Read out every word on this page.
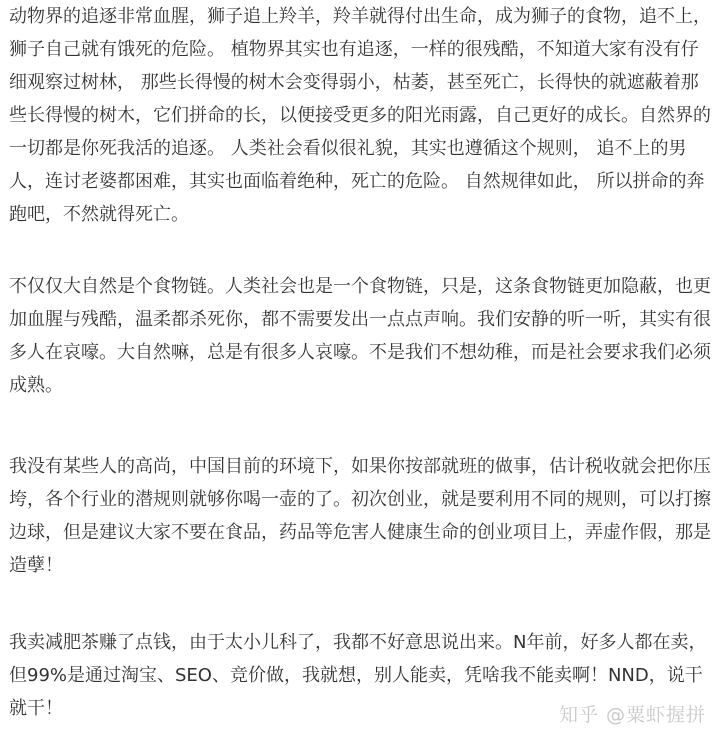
动物界的追逐非常血腥，狮子追上羚羊，羚羊就得付出生命，成为狮子的食物，追不上，狮子自己就有饿死的危险。 植物界其实也有追逐，一样的很残酷，不知道大家有没有仔细观察过树林， 那些长得慢的树木会变得弱小，枯萎，甚至死亡，长得快的就遮蔽着那些长得慢的树木，它们拼命的长，以便接受更多的阳光雨露，自己更好的成长。自然界的一切都是你死我活的追逐。 人类社会看似很礼貌，其实也遵循这个规则， 追不上的男人，连讨老婆都困难，其实也面临着绝种，死亡的危险。 自然规律如此， 所以拼命的奔跑吧，不然就得死亡。

不仅仅大自然是个食物链。人类社会也是一个食物链，只是，这条食物链更加隐蔽，也更加血腥与残酷，温柔都杀死你，都不需要发出一点点声响。我们安静的听一听，其实有很多人在哀嚎。大自然嘛，总是有很多人哀嚎。不是我们不想幼稚，而是社会要求我们必须成熟。

我没有某些人的高尚，中国目前的环境下，如果你按部就班的做事，估计税收就会把你压垮，各个行业的潜规则就够你喝一壶的了。初次创业，就是要利用不同的规则，可以打擦边球，但是建议大家不要在食品，药品等危害人健康生命的创业项目上，弄虚作假，那是造孽！

我卖减肥茶赚了点钱，由于太小儿科了，我都不好意思说出来。N年前，好多人都在卖，但99%是通过淘宝、SEO、竞价做，我就想，别人能卖，凭啥我不能卖啊！NND，说干就干！	知乎 @粟虾握拼
